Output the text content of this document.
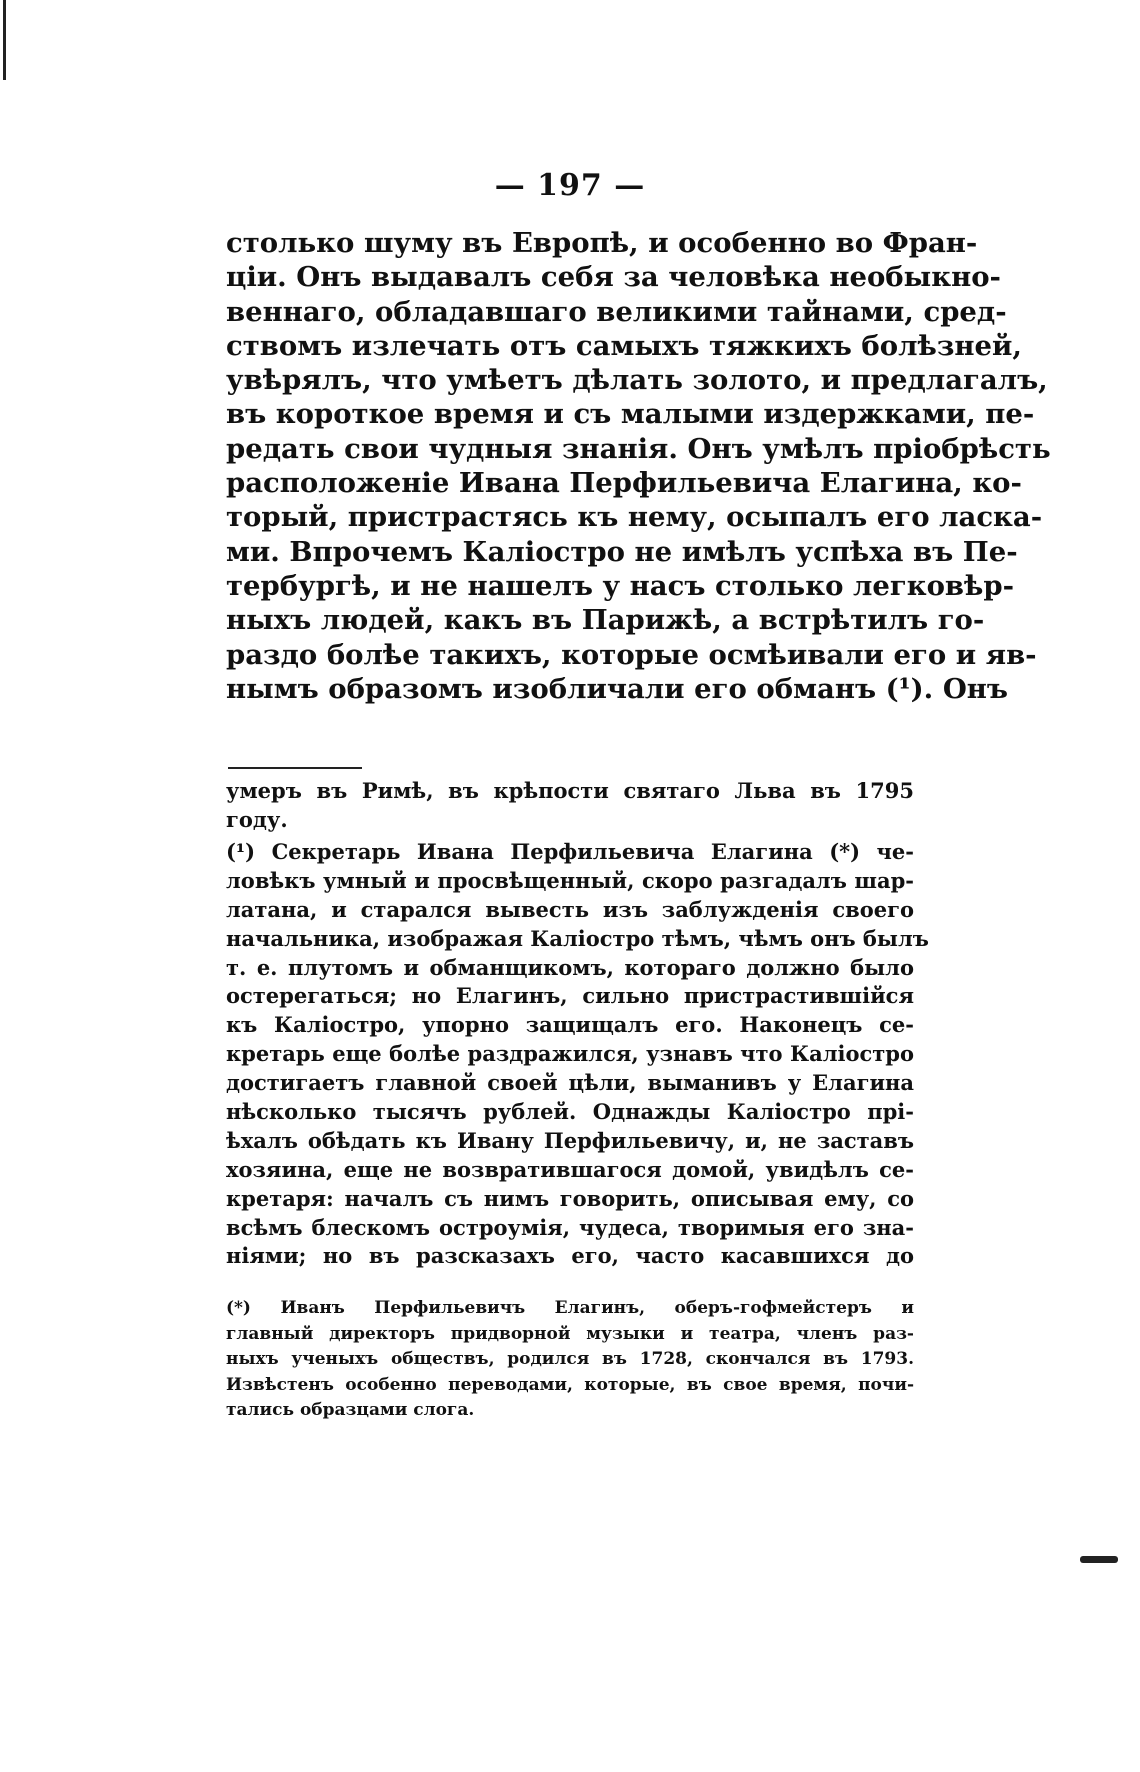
— 197 —
столько шуму въ Европѣ, и особенно во Фран-
ціи. Онъ выдавалъ себя за человѣка необыкно-
веннаго, обладавшаго великими тайнами, сред-
ствомъ излечать отъ самыхъ тяжкихъ болѣзней,
увѣрялъ, что умѣетъ дѣлать золото, и предлагалъ,
въ короткое время и съ малыми издержками, пе-
редать свои чудныя знанія. Онъ умѣлъ пріобрѣсть
расположеніе Ивана Перфильевича Елагина, ко-
торый, пристрастясь къ нему, осыпалъ его ласка-
ми. Впрочемъ Каліостро не имѣлъ успѣха въ Пе-
тербургѣ, и не нашелъ у насъ столько легковѣр-
ныхъ людей, какъ въ Парижѣ, а встрѣтилъ го-
раздо болѣе такихъ, которые осмѣивали его и яв-
нымъ образомъ изобличали его обманъ (¹). Онъ
умеръ въ Римѣ, въ крѣпости святаго Льва въ 1795
году.
(¹) Секретарь Ивана Перфильевича Елагина (*) че-
ловѣкъ умный и просвѣщенный, скоро разгадалъ шар-
латана, и старался вывесть изъ заблужденія своего
начальника, изображая Каліостро тѣмъ, чѣмъ онъ былъ
т. е. плутомъ и обманщикомъ, котораго должно было
остерегаться; но Елагинъ, сильно пристрастившійся
къ Каліостро, упорно защищалъ его. Наконецъ се-
кретарь еще болѣе раздражился, узнавъ что Каліостро
достигаетъ главной своей цѣли, выманивъ у Елагина
нѣсколько тысячъ рублей. Однажды Каліостро прі-
ѣхалъ обѣдать къ Ивану Перфильевичу, и, не заставъ
хозяина, еще не возвратившагося домой, увидѣлъ се-
кретаря: началъ съ нимъ говорить, описывая ему, со
всѣмъ блескомъ остроумія, чудеса, творимыя его зна-
ніями; но въ разсказахъ его, часто касавшихся до
(*) Иванъ Перфильевичъ Елагинъ, оберъ-гофмейстеръ и
главный директоръ придворной музыки и театра, членъ раз-
ныхъ ученыхъ обществъ, родился въ 1728, скончался въ 1793.
Извѣстенъ особенно переводами, которые, въ свое время, почи-
тались образцами слога.
